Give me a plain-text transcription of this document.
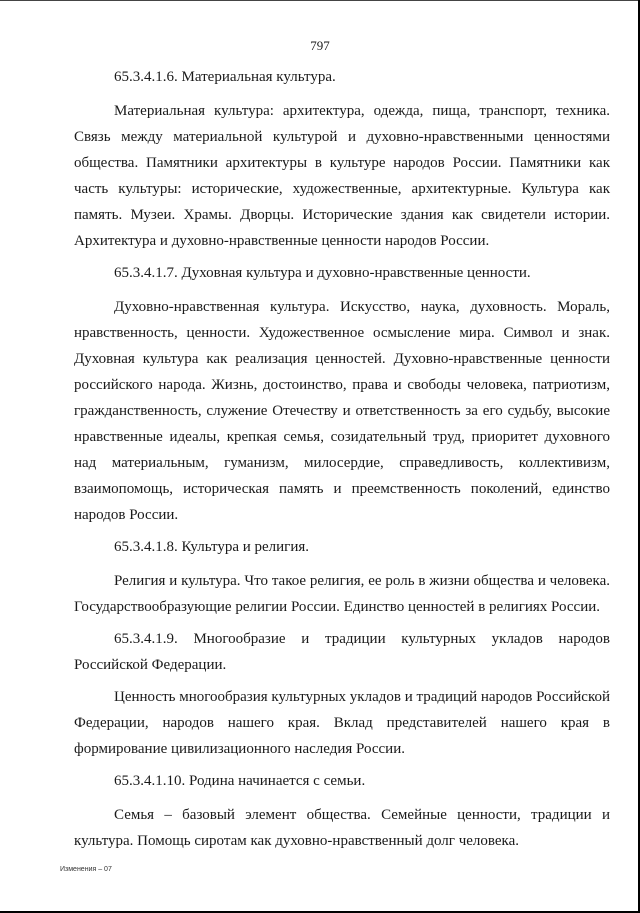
797

65.3.4.1.6. Материальная культура.

Материальная культура: архитектура, одежда, пища, транспорт, техника. Связь между материальной культурой и духовно-нравственными ценностями общества. Памятники архитектуры в культуре народов России. Памятники как часть культуры: исторические, художественные, архитектурные. Культура как память. Музеи. Храмы. Дворцы. Исторические здания как свидетели истории. Архитектура и духовно-нравственные ценности народов России.

65.3.4.1.7. Духовная культура и духовно-нравственные ценности.

Духовно-нравственная культура. Искусство, наука, духовность. Мораль, нравственность, ценности. Художественное осмысление мира. Символ и знак. Духовная культура как реализация ценностей. Духовно-нравственные ценности российского народа. Жизнь, достоинство, права и свободы человека, патриотизм, гражданственность, служение Отечеству и ответственность за его судьбу, высокие нравственные идеалы, крепкая семья, созидательный труд, приоритет духовного над материальным, гуманизм, милосердие, справедливость, коллективизм, взаимопомощь, историческая память и преемственность поколений, единство народов России.

65.3.4.1.8. Культура и религия.

Религия и культура. Что такое религия, ее роль в жизни общества и человека. Государствообразующие религии России. Единство ценностей в религиях России.

65.3.4.1.9. Многообразие и традиции культурных укладов народов Российской Федерации.

Ценность многообразия культурных укладов и традиций народов Российской Федерации, народов нашего края. Вклад представителей нашего края в формирование цивилизационного наследия России.

65.3.4.1.10. Родина начинается с семьи.

Семья – базовый элемент общества. Семейные ценности, традиции и культура. Помощь сиротам как духовно-нравственный долг человека.

Изменения – 07
